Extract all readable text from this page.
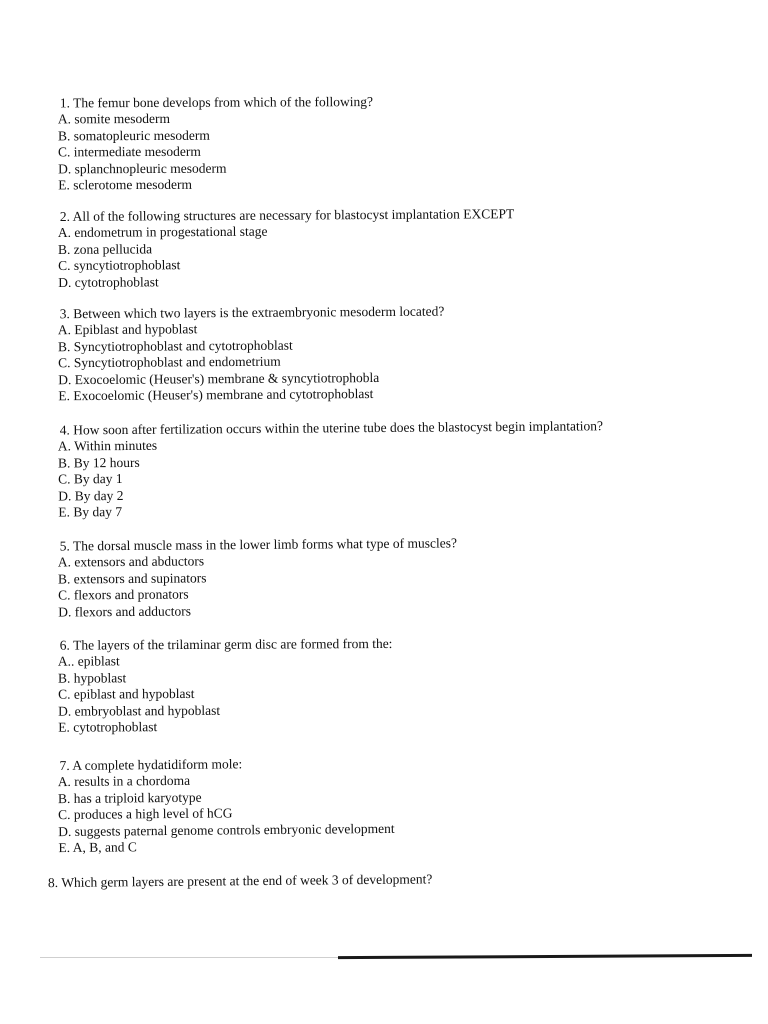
1. The femur bone develops from which of the following?
A. somite mesoderm
B. somatopleuric mesoderm
C. intermediate mesoderm
D. splanchnopleuric mesoderm
E. sclerotome mesoderm
2. All of the following structures are necessary for blastocyst implantation EXCEPT
A. endometrum in progestational stage
B. zona pellucida
C. syncytiotrophoblast
D. cytotrophoblast
3. Between which two layers is the extraembryonic mesoderm located?
A. Epiblast and hypoblast
B. Syncytiotrophoblast and cytotrophoblast
C. Syncytiotrophoblast and endometrium
D. Exocoelomic (Heuser's) membrane & syncytiotrophobla
E. Exocoelomic (Heuser's) membrane and cytotrophoblast
4. How soon after fertilization occurs within the uterine tube does the blastocyst begin implantation?
A. Within minutes
B. By 12 hours
C. By day 1
D. By day 2
E. By day 7
5. The dorsal muscle mass in the lower limb forms what type of muscles?
A. extensors and abductors
B. extensors and supinators
C. flexors and pronators
D. flexors and adductors
6. The layers of the trilaminar germ disc are formed from the:
A.. epiblast
B. hypoblast
C. epiblast and hypoblast
D. embryoblast and hypoblast
E. cytotrophoblast
7. A complete hydatidiform mole:
A. results in a chordoma
B. has a triploid karyotype
C. produces a high level of hCG
D. suggests paternal genome controls embryonic development
E. A, B, and C
8. Which germ layers are present at the end of week 3 of development?
